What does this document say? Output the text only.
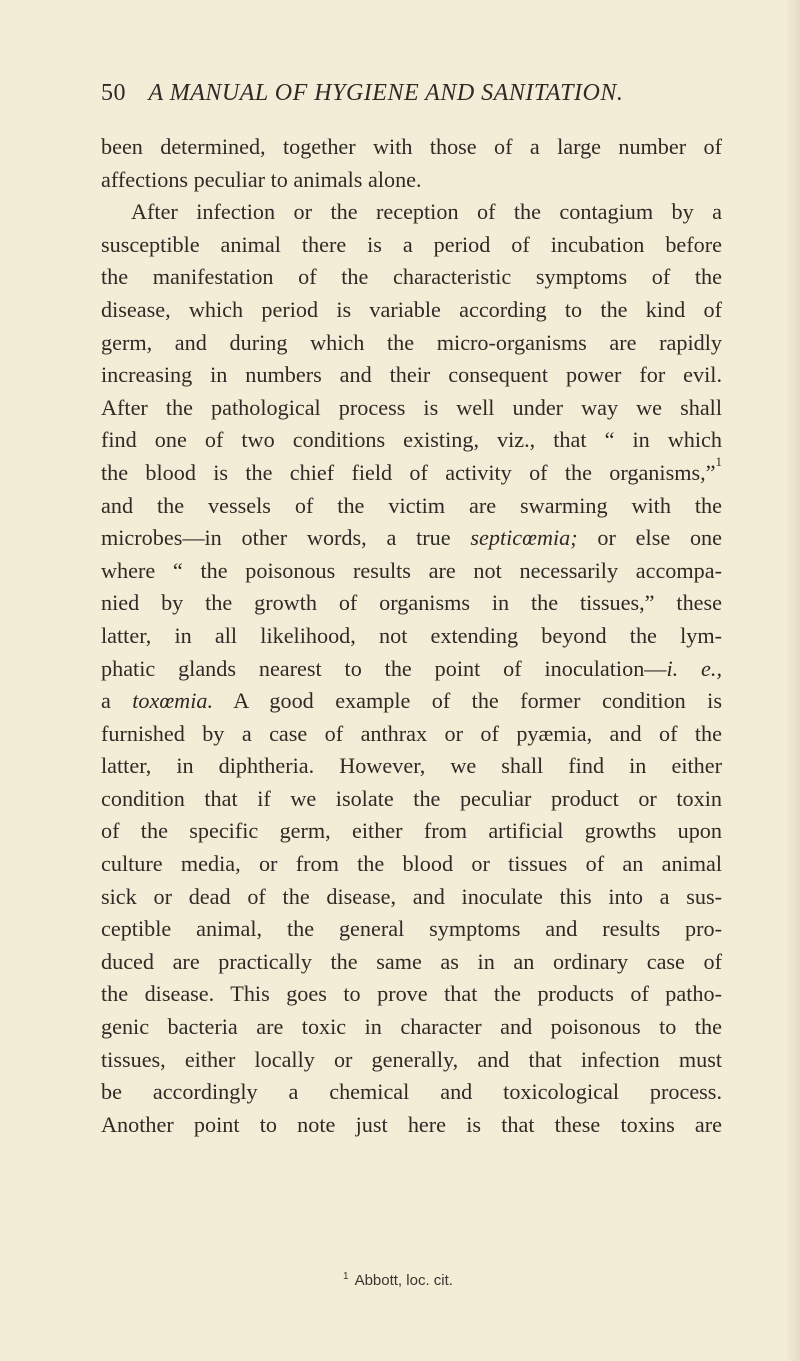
50 A MANUAL OF HYGIENE AND SANITATION.
been determined, together with those of a large number of
affections peculiar to animals alone.
After infection or the reception of the contagium by a
susceptible animal there is a period of incubation before
the manifestation of the characteristic symptoms of the
disease, which period is variable according to the kind of
germ, and during which the micro-organisms are rapidly
increasing in numbers and their consequent power for evil.
After the pathological process is well under way we shall
find one of two conditions existing, viz., that “ in which
the blood is the chief field of activity of the organisms,”$^1$
and the vessels of the victim are swarming with the
microbes—in other words, a true septicœmia; or else one
where “ the poisonous results are not necessarily accompa-
nied by the growth of organisms in the tissues,” these
latter, in all likelihood, not extending beyond the lym-
phatic glands nearest to the point of inoculation—i. e.,
a toxœmia. A good example of the former condition is
furnished by a case of anthrax or of pyæmia, and of the
latter, in diphtheria. However, we shall find in either
condition that if we isolate the peculiar product or toxin
of the specific germ, either from artificial growths upon
culture media, or from the blood or tissues of an animal
sick or dead of the disease, and inoculate this into a sus-
ceptible animal, the general symptoms and results pro-
duced are practically the same as in an ordinary case of
the disease. This goes to prove that the products of patho-
genic bacteria are toxic in character and poisonous to the
tissues, either locally or generally, and that infection must
be accordingly a chemical and toxicological process.
Another point to note just here is that these toxins are
$^1$ Abbott, loc. cit.
